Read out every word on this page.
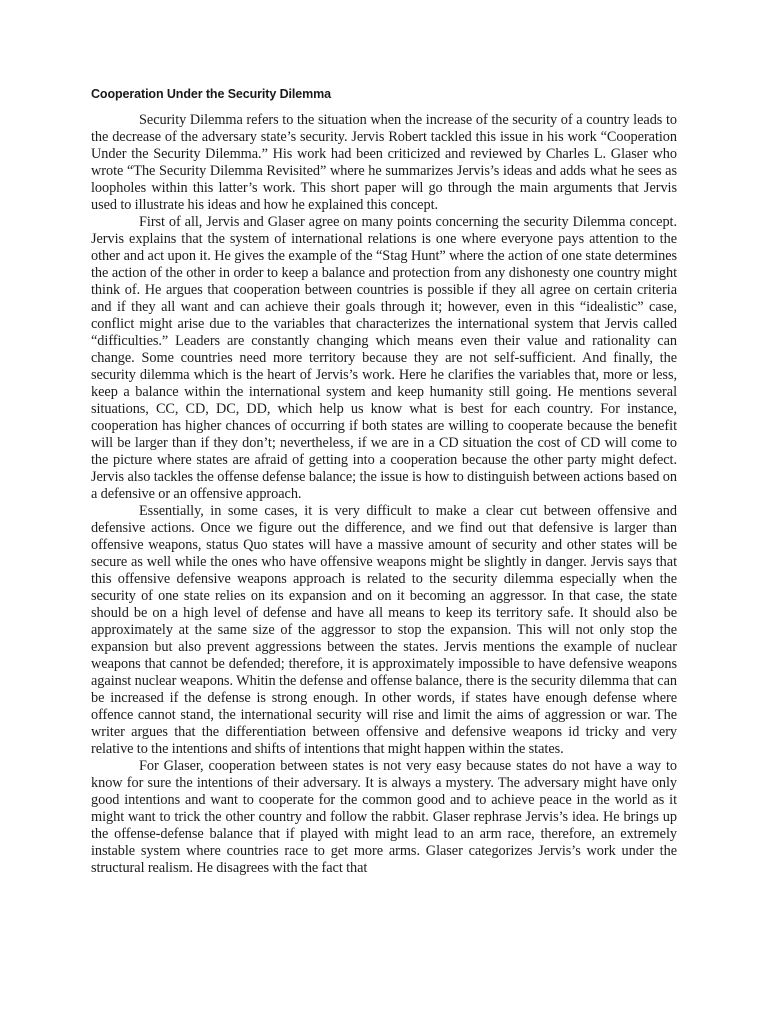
Cooperation Under the Security Dilemma

Security Dilemma refers to the situation when the increase of the security of a country leads to the decrease of the adversary state’s security. Jervis Robert tackled this issue in his work “Cooperation Under the Security Dilemma.” His work had been criticized and reviewed by Charles L. Glaser who wrote “The Security Dilemma Revisited” where he summarizes Jervis’s ideas and adds what he sees as loopholes within this latter’s work. This short paper will go through the main arguments that Jervis used to illustrate his ideas and how he explained this concept.

First of all, Jervis and Glaser agree on many points concerning the security Dilemma concept. Jervis explains that the system of international relations is one where everyone pays attention to the other and act upon it. He gives the example of the “Stag Hunt” where the action of one state determines the action of the other in order to keep a balance and protection from any dishonesty one country might think of. He argues that cooperation between countries is possible if they all agree on certain criteria and if they all want and can achieve their goals through it; however, even in this “idealistic” case, conflict might arise due to the variables that characterizes the international system that Jervis called “difficulties.” Leaders are constantly changing which means even their value and rationality can change. Some countries need more territory because they are not self-sufficient. And finally, the security dilemma which is the heart of Jervis’s work. Here he clarifies the variables that, more or less, keep a balance within the international system and keep humanity still going. He mentions several situations, CC, CD, DC, DD, which help us know what is best for each country. For instance, cooperation has higher chances of occurring if both states are willing to cooperate because the benefit will be larger than if they don’t; nevertheless, if we are in a CD situation the cost of CD will come to the picture where states are afraid of getting into a cooperation because the other party might defect. Jervis also tackles the offense defense balance; the issue is how to distinguish between actions based on a defensive or an offensive approach.

Essentially, in some cases, it is very difficult to make a clear cut between offensive and defensive actions. Once we figure out the difference, and we find out that defensive is larger than offensive weapons, status Quo states will have a massive amount of security and other states will be secure as well while the ones who have offensive weapons might be slightly in danger. Jervis says that this offensive defensive weapons approach is related to the security dilemma especially when the security of one state relies on its expansion and on it becoming an aggressor. In that case, the state should be on a high level of defense and have all means to keep its territory safe. It should also be approximately at the same size of the aggressor to stop the expansion. This will not only stop the expansion but also prevent aggressions between the states. Jervis mentions the example of nuclear weapons that cannot be defended; therefore, it is approximately impossible to have defensive weapons against nuclear weapons. Whitin the defense and offense balance, there is the security dilemma that can be increased if the defense is strong enough. In other words, if states have enough defense where offence cannot stand, the international security will rise and limit the aims of aggression or war. The writer argues that the differentiation between offensive and defensive weapons id tricky and very relative to the intentions and shifts of intentions that might happen within the states.

For Glaser, cooperation between states is not very easy because states do not have a way to know for sure the intentions of their adversary. It is always a mystery. The adversary might have only good intentions and want to cooperate for the common good and to achieve peace in the world as it might want to trick the other country and follow the rabbit. Glaser rephrase Jervis’s idea. He brings up the offense-defense balance that if played with might lead to an arm race, therefore, an extremely instable system where countries race to get more arms. Glaser categorizes Jervis’s work under the structural realism. He disagrees with the fact that
